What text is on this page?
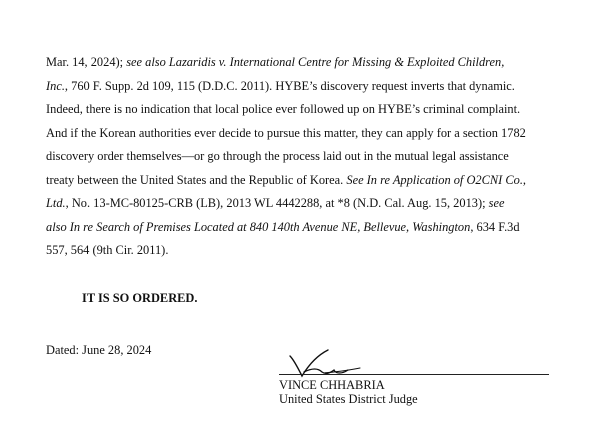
Mar. 14, 2024); see also Lazaridis v. International Centre for Missing & Exploited Children,
Inc., 760 F. Supp. 2d 109, 115 (D.D.C. 2011). HYBE’s discovery request inverts that dynamic.
Indeed, there is no indication that local police ever followed up on HYBE’s criminal complaint.
And if the Korean authorities ever decide to pursue this matter, they can apply for a section 1782
discovery order themselves—or go through the process laid out in the mutual legal assistance
treaty between the United States and the Republic of Korea. See In re Application of O2CNI Co.,
Ltd., No. 13-MC-80125-CRB (LB), 2013 WL 4442288, at *8 (N.D. Cal. Aug. 15, 2013); see
also In re Search of Premises Located at 840 140th Avenue NE, Bellevue, Washington, 634 F.3d
557, 564 (9th Cir. 2011).
IT IS SO ORDERED.
Dated: June 28, 2024
VINCE CHHABRIA
United States District Judge
